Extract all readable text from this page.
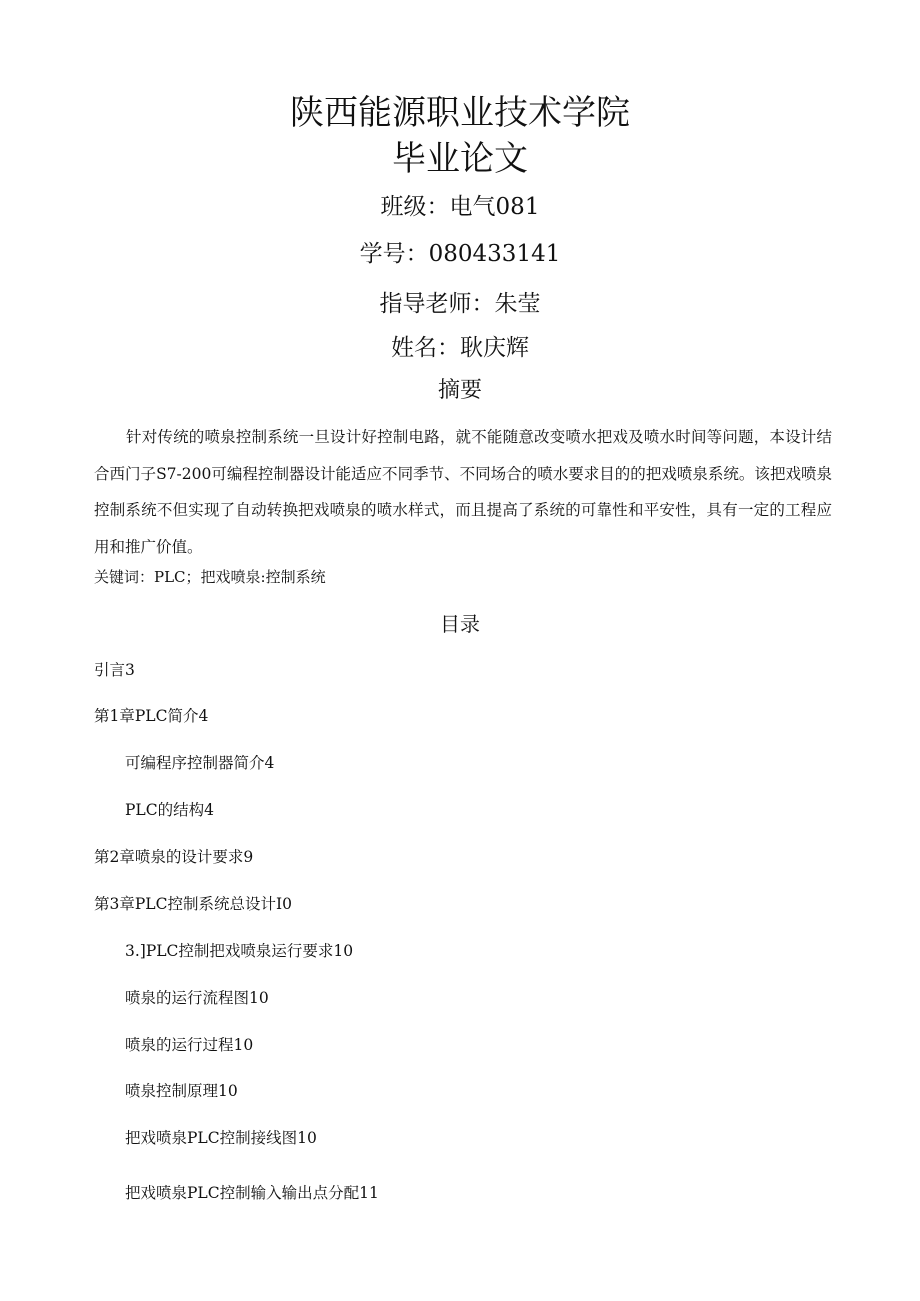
陕西能源职业技术学院
毕业论文
班级：电气081
学号：080433141
指导老师：朱莹
姓名：耿庆辉
摘要

针对传统的喷泉控制系统一旦设计好控制电路，就不能随意改变喷水把戏及喷水时间等问题，本设计结合西门子S7-200可编程控制器设计能适应不同季节、不同场合的喷水要求目的的把戏喷泉系统。该把戏喷泉控制系统不但实现了自动转换把戏喷泉的喷水样式，而且提高了系统的可靠性和平安性，具有一定的工程应用和推广价值。

关键词：PLC；把戏喷泉:控制系统
目录
引言3
第1章PLC简介4
可编程序控制器简介4
PLC的结构4
第2章喷泉的设计要求9
第3章PLC控制系统总设计I0
3.]PLC控制把戏喷泉运行要求10
喷泉的运行流程图10
喷泉的运行过程10
喷泉控制原理10
把戏喷泉PLC控制接线图10
把戏喷泉PLC控制输入输出点分配11
